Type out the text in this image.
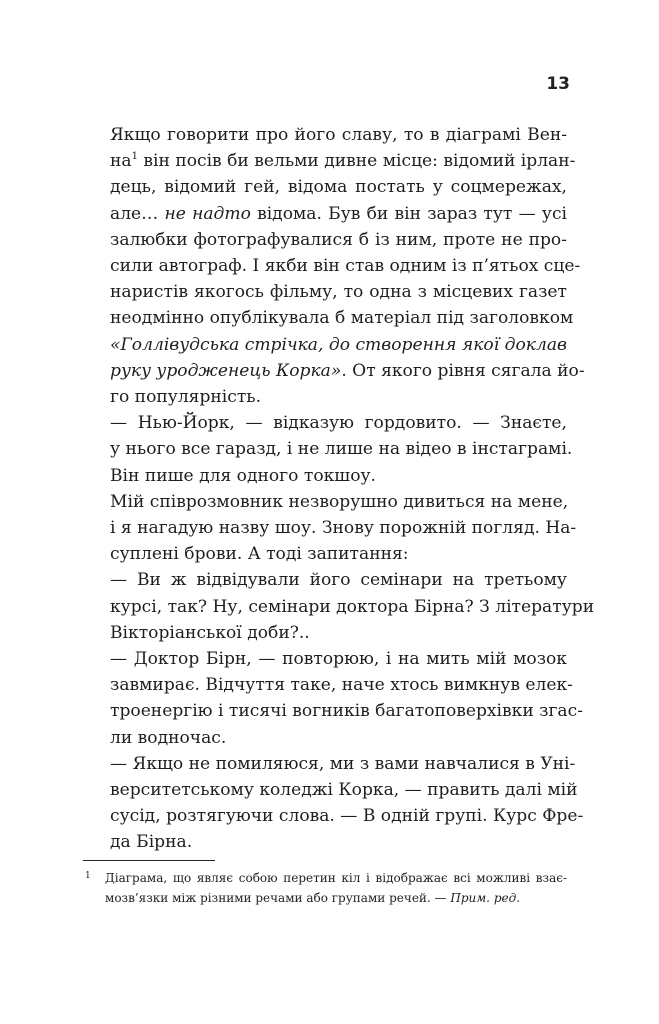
13

Якщо говорити про його славу, то в діаграмі Вен-
на$^1$ він посів би вельми дивне місце: відомий ірлан-
дець, відомий гей, відома постать у соцмережах,
але… не надто відома. Був би він зараз тут — усі
залюбки фотографувалися б із ним, проте не про-
сили автограф. І якби він став одним із п’ятьох сце-
наристів якогось фільму, то одна з місцевих газет
неодмінно опублікувала б матеріал під заголовком
«Голлівудська стрічка, до створення якої доклав
руку уродженець Корка». От якого рівня сягала йо-
го популярність.

— Нью-Йорк, — відказую гордовито. — Знаєте,
у нього все гаразд, і не лише на відео в інстаграмі.
Він пише для одного токшоу.

Мій співрозмовник незворушно дивиться на мене,
і я нагадую назву шоу. Знову порожній погляд. На-
суплені брови. А тоді запитання:

— Ви ж відвідували його семінари на третьому
курсі, так? Ну, семінари доктора Бірна? З літератури
Вікторіанської доби?..

— Доктор Бірн, — повторюю, і на мить мій мозок
завмирає. Відчуття таке, наче хтось вимкнув елек-
троенергію і тисячі вогників багатоповерхівки згас-
ли водночас.

— Якщо не помиляюся, ми з вами навчалися в Уні-
верситетському коледжі Корка, — править далі мій
сусід, розтягуючи слова. — В одній групі. Курс Фре-
да Бірна.

1 Діаграма, що являє собою перетин кіл і відображає всі можливі взає-
мозв’язки між різними речами або групами речей. — Прим. ред.
